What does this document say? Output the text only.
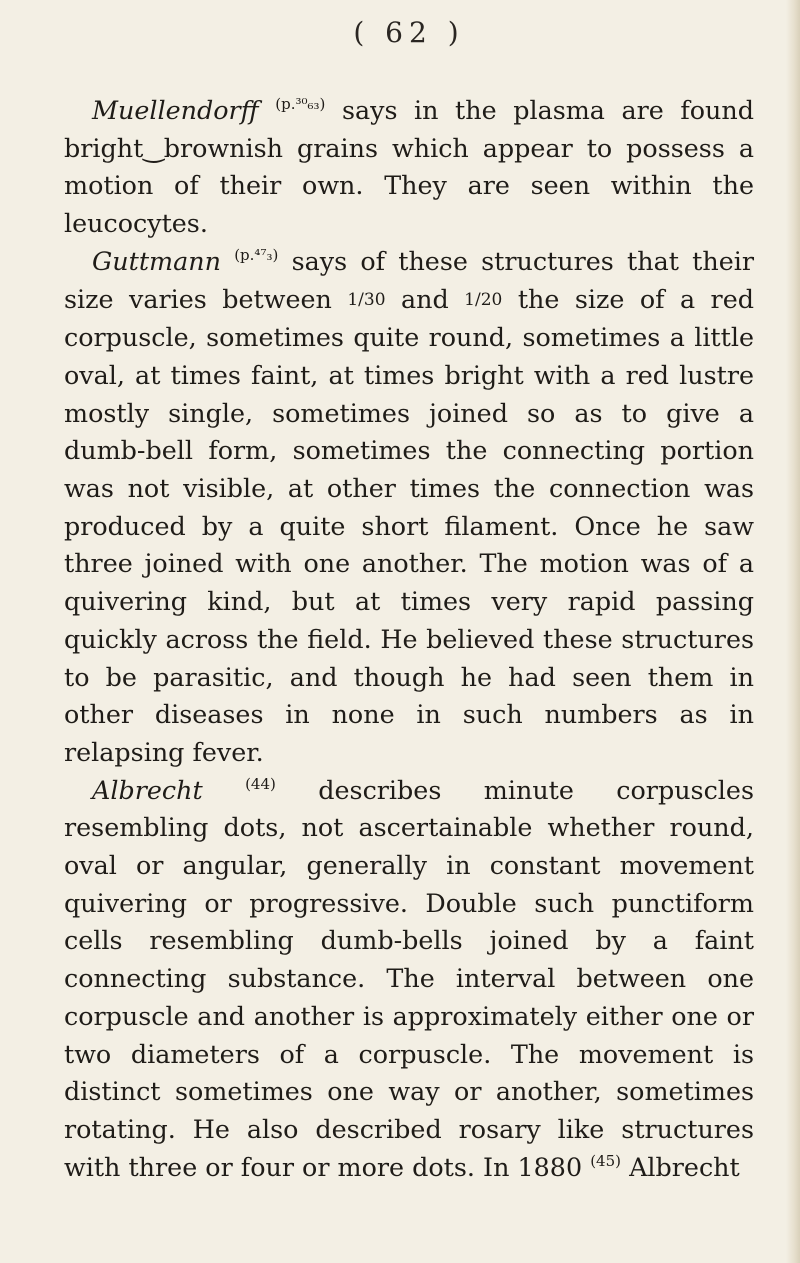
( 62 )

Muellendorff $^{(p.^{30}_{63})}$ says in the plasma are found bright‿brownish grains which appear to possess a motion of their own. They are seen within the leucocytes.

Guttmann $^{(p.^{47}_3)}$ says of these structures that their size varies between 1/30 and 1/20 the size of a red corpuscle, sometimes quite round, sometimes a little oval, at times faint, at times bright with a red lustre mostly single, sometimes joined so as to give a dumb-bell form, sometimes the connecting portion was not visible, at other times the connection was produced by a quite short filament. Once he saw three joined with one another. The motion was of a quivering kind, but at times very rapid passing quickly across the field. He believed these structures to be parasitic, and though he had seen them in other diseases in none in such numbers as in relapsing fever.

Albrecht	$^{(44)}$ describes minute corpuscles resembling dots, not ascertainable whether round, oval or angular, generally in constant movement quivering or progressive. Double such punctiform cells resembling dumb-bells joined by a faint connecting substance. The interval between one corpuscle and another is approximately either one or two diameters of a corpuscle. The movement is distinct sometimes one way or another, sometimes rotating. He also described rosary like structures with three or four or more dots. In 1880 $^{(45)}$ Albrecht
